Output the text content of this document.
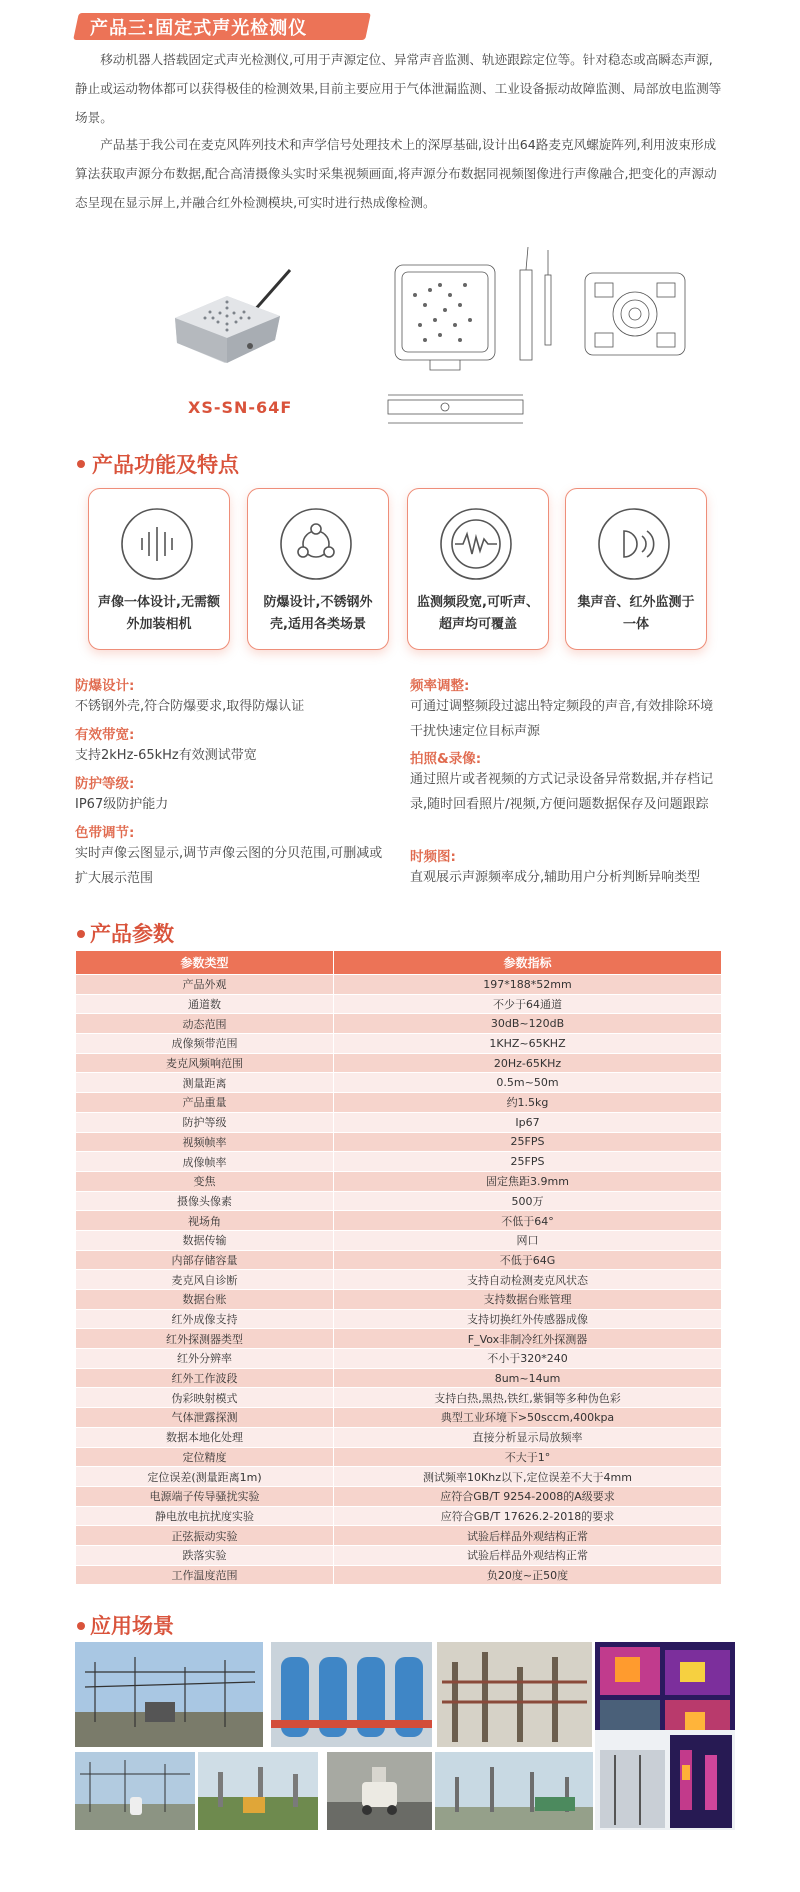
产品三:固定式声光检测仪
移动机器人搭载固定式声光检测仪,可用于声源定位、异常声音监测、轨迹跟踪定位等。针对稳态或高瞬态声源,静止或运动物体都可以获得极佳的检测效果,目前主要应用于气体泄漏监测、工业设备振动故障监测、局部放电监测等场景。
产品基于我公司在麦克风阵列技术和声学信号处理技术上的深厚基础,设计出64路麦克风螺旋阵列,利用波束形成算法获取声源分布数据,配合高清摄像头实时采集视频画面,将声源分布数据同视频图像进行声像融合,把变化的声源动态呈现在显示屏上,并融合红外检测模块,可实时进行热成像检测。
XS-SN-64F
产品功能及特点
声像一体设计,无需额外加装相机
防爆设计,不锈钢外壳,适用各类场景
监测频段宽,可听声、超声均可覆盖
集声音、红外监测于一体
防爆设计:
不锈钢外壳,符合防爆要求,取得防爆认证
有效带宽:
支持2kHz-65kHz有效测试带宽
防护等级:
IP67级防护能力
色带调节:
实时声像云图显示,调节声像云图的分贝范围,可删减或扩大展示范围
频率调整:
可通过调整频段过滤出特定频段的声音,有效排除环境干扰快速定位目标声源
拍照&录像:
通过照片或者视频的方式记录设备异常数据,并存档记录,随时回看照片/视频,方便问题数据保存及问题跟踪
时频图:
直观展示声源频率成分,辅助用户分析判断异响类型
产品参数
参数类型	参数指标
产品外观	197*188*52mm
通道数	不少于64通道
动态范围	30dB~120dB
成像频带范围	1KHZ~65KHZ
麦克风频响范围	20Hz-65KHz
测量距离	0.5m~50m
产品重量	约1.5kg
防护等级	Ip67
视频帧率	25FPS
成像帧率	25FPS
变焦	固定焦距3.9mm
摄像头像素	500万
视场角	不低于64°
数据传输	网口
内部存储容量	不低于64G
麦克风自诊断	支持自动检测麦克风状态
数据台账	支持数据台账管理
红外成像支持	支持切换红外传感器成像
红外探测器类型	F_Vox非制冷红外探测器
红外分辨率	不小于320*240
红外工作波段	8um~14um
伪彩映射模式	支持白热,黑热,铁红,紫铜等多种伪色彩
气体泄露探测	典型工业环境下>50sccm,400kpa
数据本地化处理	直接分析显示局放频率
定位精度	不大于1°
定位误差(测量距离1m)	测试频率10Khz以下,定位误差不大于4mm
电源端子传导骚扰实验	应符合GB/T 9254-2008的A级要求
静电放电抗扰度实验	应符合GB/T 17626.2-2018的要求
正弦振动实验	试验后样品外观结构正常
跌落实验	试验后样品外观结构正常
工作温度范围	负20度~正50度
应用场景
